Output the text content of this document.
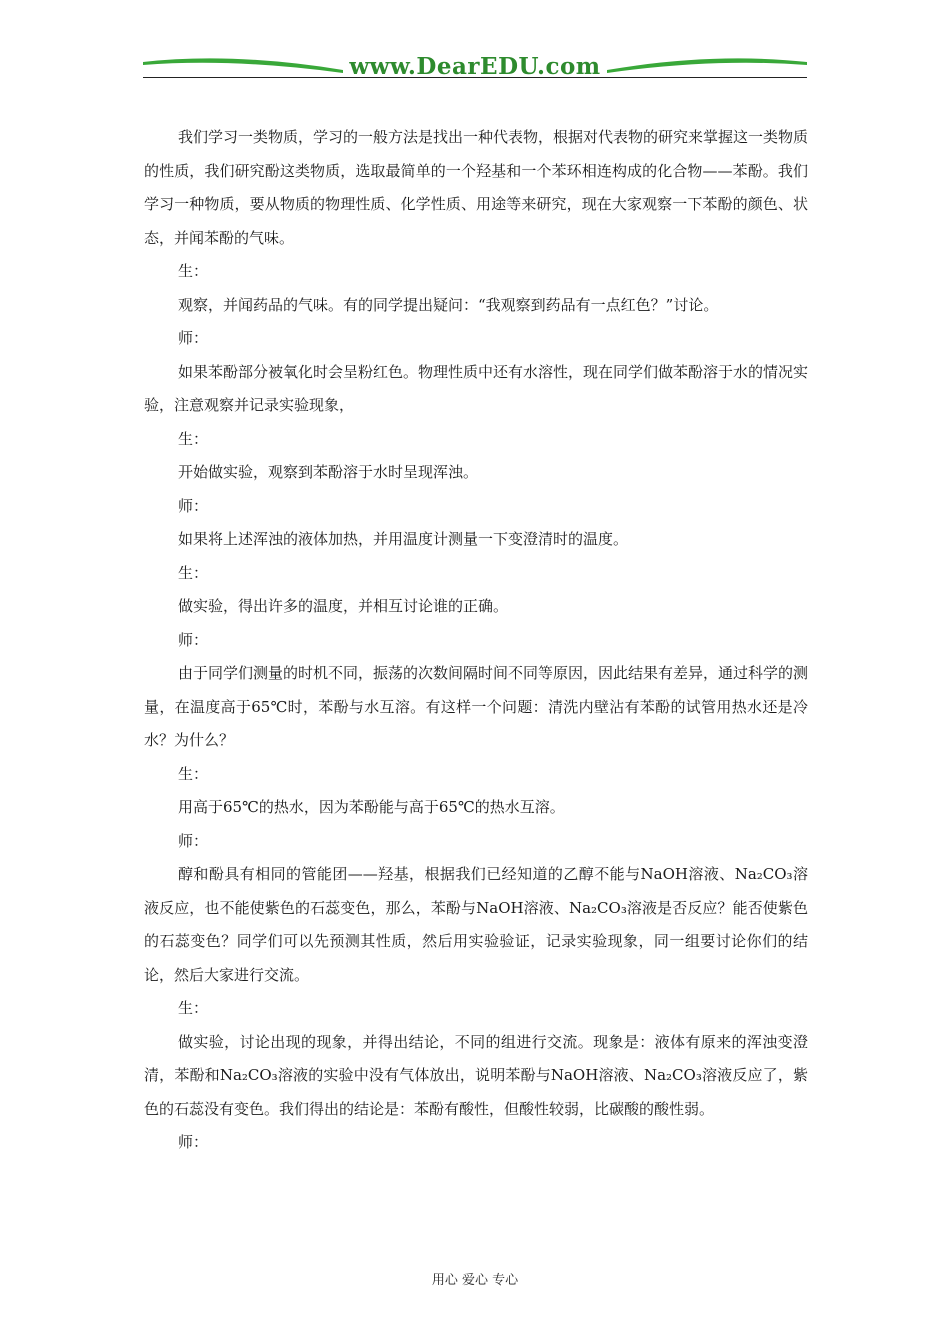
www.DearEDU.com

我们学习一类物质，学习的一般方法是找出一种代表物，根据对代表物的研究来掌握这一类物质的性质，我们研究酚这类物质，选取最简单的一个羟基和一个苯环相连构成的化合物——苯酚。我们学习一种物质，要从物质的物理性质、化学性质、用途等来研究，现在大家观察一下苯酚的颜色、状态，并闻苯酚的气味。

生：

观察，并闻药品的气味。有的同学提出疑问：“我观察到药品有一点红色？”讨论。

师：

如果苯酚部分被氧化时会呈粉红色。物理性质中还有水溶性，现在同学们做苯酚溶于水的情况实验，注意观察并记录实验现象，

生：

开始做实验，观察到苯酚溶于水时呈现浑浊。

师：

如果将上述浑浊的液体加热，并用温度计测量一下变澄清时的温度。

生：

做实验，得出许多的温度，并相互讨论谁的正确。

师：

由于同学们测量的时机不同，振荡的次数间隔时间不同等原因，因此结果有差异，通过科学的测量，在温度高于65℃时，苯酚与水互溶。有这样一个问题：清洗内壁沾有苯酚的试管用热水还是冷水？为什么？

生：

用高于65℃的热水，因为苯酚能与高于65℃的热水互溶。

师：

醇和酚具有相同的管能团——羟基，根据我们已经知道的乙醇不能与NaOH溶液、Na₂CO₃溶液反应，也不能使紫色的石蕊变色，那么，苯酚与NaOH溶液、Na₂CO₃溶液是否反应？能否使紫色的石蕊变色？同学们可以先预测其性质，然后用实验验证，记录实验现象，同一组要讨论你们的结论，然后大家进行交流。

生：

做实验，讨论出现的现象，并得出结论，不同的组进行交流。现象是：液体有原来的浑浊变澄清，苯酚和Na₂CO₃溶液的实验中没有气体放出，说明苯酚与NaOH溶液、Na₂CO₃溶液反应了，紫色的石蕊没有变色。我们得出的结论是：苯酚有酸性，但酸性较弱，比碳酸的酸性弱。

师：

用心 爱心 专心
